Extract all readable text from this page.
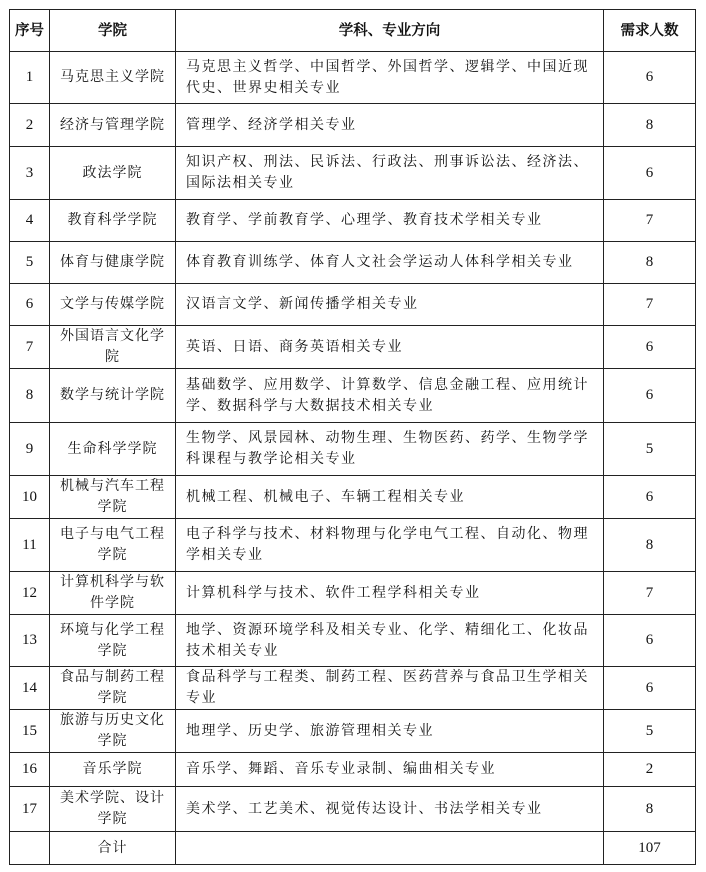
序号	学院	学科、专业方向	需求人数
1	马克思主义学院	马克思主义哲学、中国哲学、外国哲学、逻辑学、中国近现代史、世界史相关专业	6
2	经济与管理学院	管理学、经济学相关专业	8
3	政法学院	知识产权、刑法、民诉法、行政法、刑事诉讼法、经济法、国际法相关专业	6
4	教育科学学院	教育学、学前教育学、心理学、教育技术学相关专业	7
5	体育与健康学院	体育教育训练学、体育人文社会学运动人体科学相关专业	8
6	文学与传媒学院	汉语言文学、新闻传播学相关专业	7
7	外国语言文化学院	英语、日语、商务英语相关专业	6
8	数学与统计学院	基础数学、应用数学、计算数学、信息金融工程、应用统计学、数据科学与大数据技术相关专业	6
9	生命科学学院	生物学、风景园林、动物生理、生物医药、药学、生物学学科课程与教学论相关专业	5
10	机械与汽车工程学院	机械工程、机械电子、车辆工程相关专业	6
11	电子与电气工程学院	电子科学与技术、材料物理与化学电气工程、自动化、物理学相关专业	8
12	计算机科学与软件学院	计算机科学与技术、软件工程学科相关专业	7
13	环境与化学工程学院	地学、资源环境学科及相关专业、化学、精细化工、化妆品技术相关专业	6
14	食品与制药工程学院	食品科学与工程类、制药工程、医药营养与食品卫生学相关专业	6
15	旅游与历史文化学院	地理学、历史学、旅游管理相关专业	5
16	音乐学院	音乐学、舞蹈、音乐专业录制、编曲相关专业	2
17	美术学院、设计学院	美术学、工艺美术、视觉传达设计、书法学相关专业	8
	合计		107
